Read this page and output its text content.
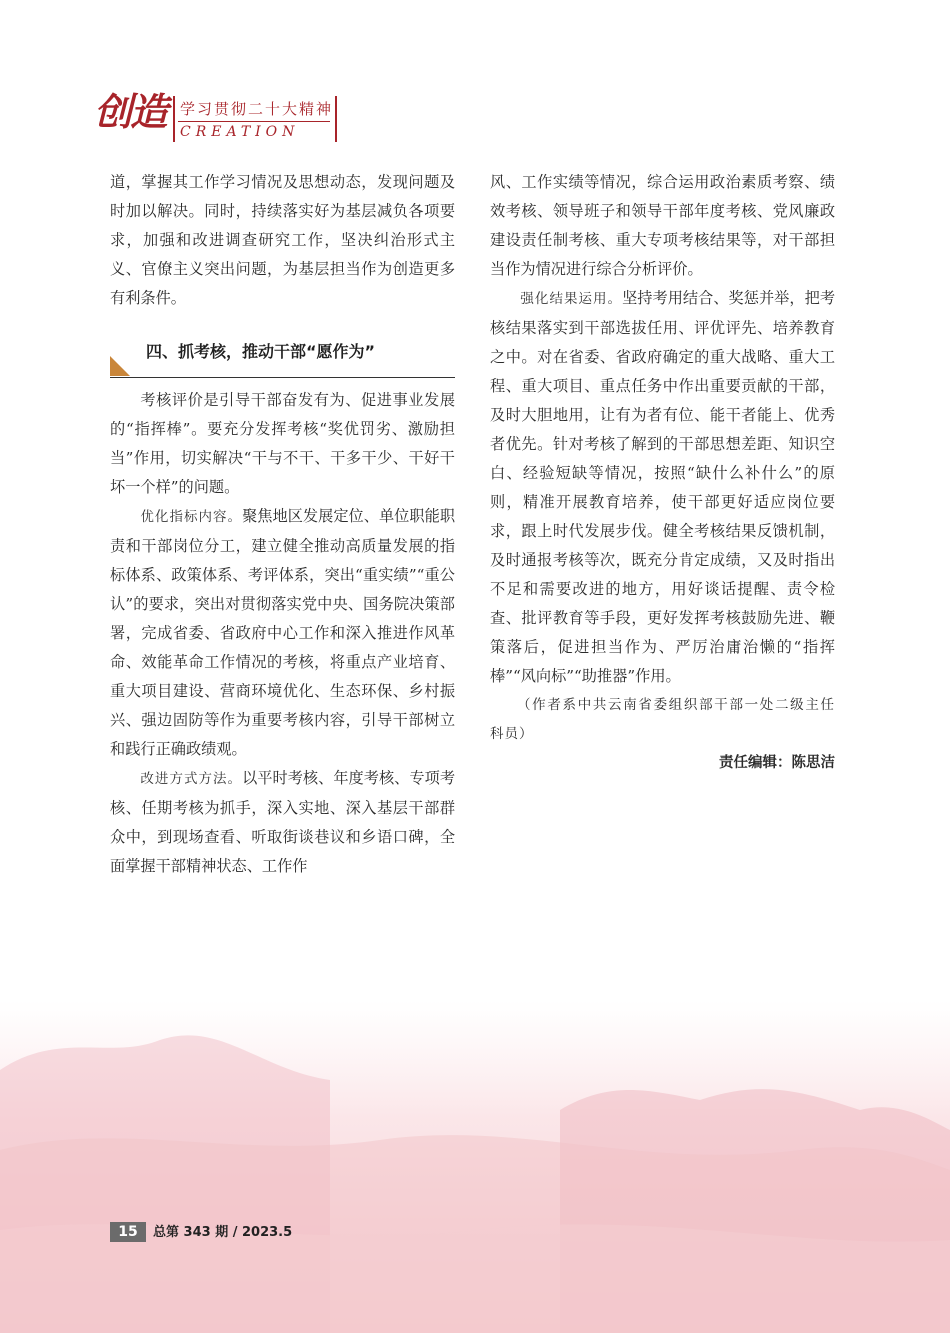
创造 学习贯彻二十大精神
CREATION

道，掌握其工作学习情况及思想动态，发现问题及时加以解决。同时，持续落实好为基层减负各项要求，加强和改进调查研究工作，坚决纠治形式主义、官僚主义突出问题，为基层担当作为创造更多有利条件。

四、抓考核，推动干部“愿作为”

考核评价是引导干部奋发有为、促进事业发展的“指挥棒”。要充分发挥考核“奖优罚劣、激励担当”作用，切实解决“干与不干、干多干少、干好干坏一个样”的问题。

优化指标内容。聚焦地区发展定位、单位职能职责和干部岗位分工，建立健全推动高质量发展的指标体系、政策体系、考评体系，突出“重实绩”“重公认”的要求，突出对贯彻落实党中央、国务院决策部署，完成省委、省政府中心工作和深入推进作风革命、效能革命工作情况的考核，将重点产业培育、重大项目建设、营商环境优化、生态环保、乡村振兴、强边固防等作为重要考核内容，引导干部树立和践行正确政绩观。

改进方式方法。以平时考核、年度考核、专项考核、任期考核为抓手，深入实地、深入基层干部群众中，到现场查看、听取街谈巷议和乡语口碑，全面掌握干部精神状态、工作作

风、工作实绩等情况，综合运用政治素质考察、绩效考核、领导班子和领导干部年度考核、党风廉政建设责任制考核、重大专项考核结果等，对干部担当作为情况进行综合分析评价。

强化结果运用。坚持考用结合、奖惩并举，把考核结果落实到干部选拔任用、评优评先、培养教育之中。对在省委、省政府确定的重大战略、重大工程、重大项目、重点任务中作出重要贡献的干部，及时大胆地用，让有为者有位、能干者能上、优秀者优先。针对考核了解到的干部思想差距、知识空白、经验短缺等情况，按照“缺什么补什么”的原则，精准开展教育培养，使干部更好适应岗位要求，跟上时代发展步伐。健全考核结果反馈机制，及时通报考核等次，既充分肯定成绩，又及时指出不足和需要改进的地方，用好谈话提醒、责令检查、批评教育等手段，更好发挥考核鼓励先进、鞭策落后，促进担当作为、严厉治庸治懒的“指挥棒”“风向标”“助推器”作用。

（作者系中共云南省委组织部干部一处二级主任科员）

责任编辑：陈思洁

15	总第 343 期 / 2023.5
